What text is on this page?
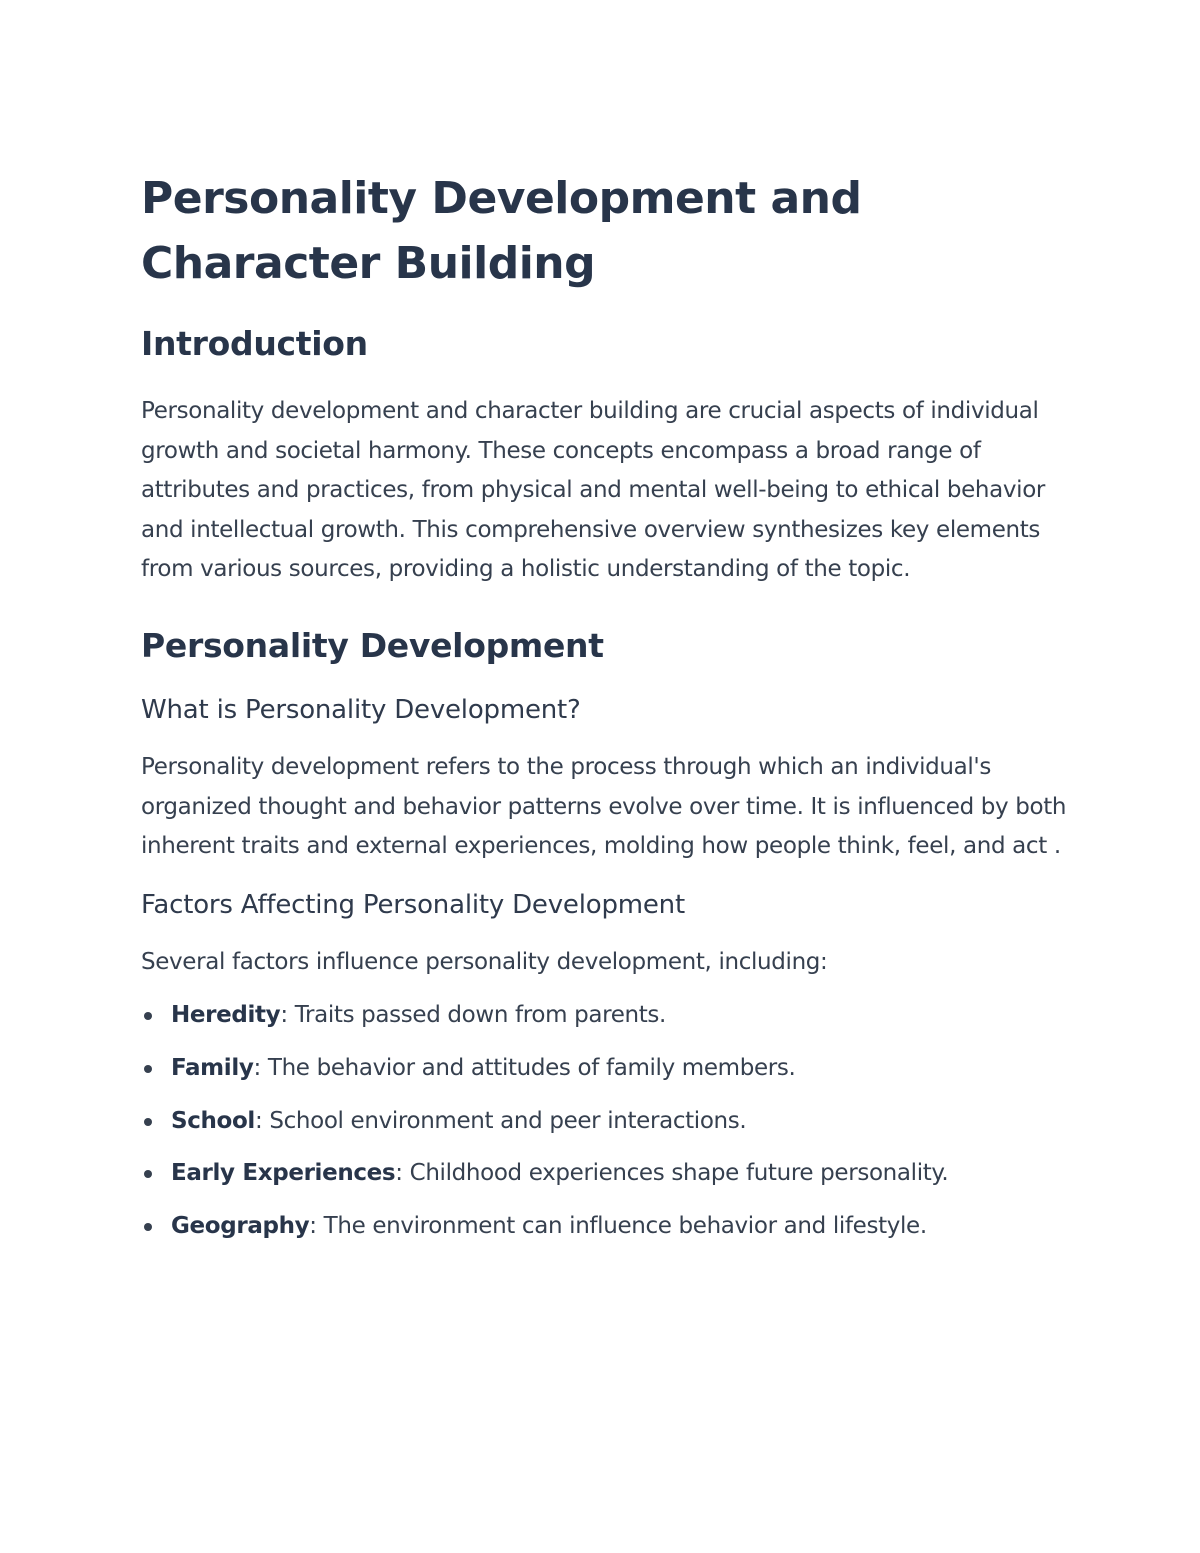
Personality Development and Character Building
Introduction

Personality development and character building are crucial aspects of individual growth and societal harmony. These concepts encompass a broad range of attributes and practices, from physical and mental well-being to ethical behavior and intellectual growth. This comprehensive overview synthesizes key elements from various sources, providing a holistic understanding of the topic.

Personality Development
What is Personality Development?

Personality development refers to the process through which an individual's organized thought and behavior patterns evolve over time. It is influenced by both inherent traits and external experiences, molding how people think, feel, and act .

Factors Affecting Personality Development

Several factors influence personality development, including:

Heredity: Traits passed down from parents.
Family: The behavior and attitudes of family members.
School: School environment and peer interactions.
Early Experiences: Childhood experiences shape future personality.
Geography: The environment can influence behavior and lifestyle.
